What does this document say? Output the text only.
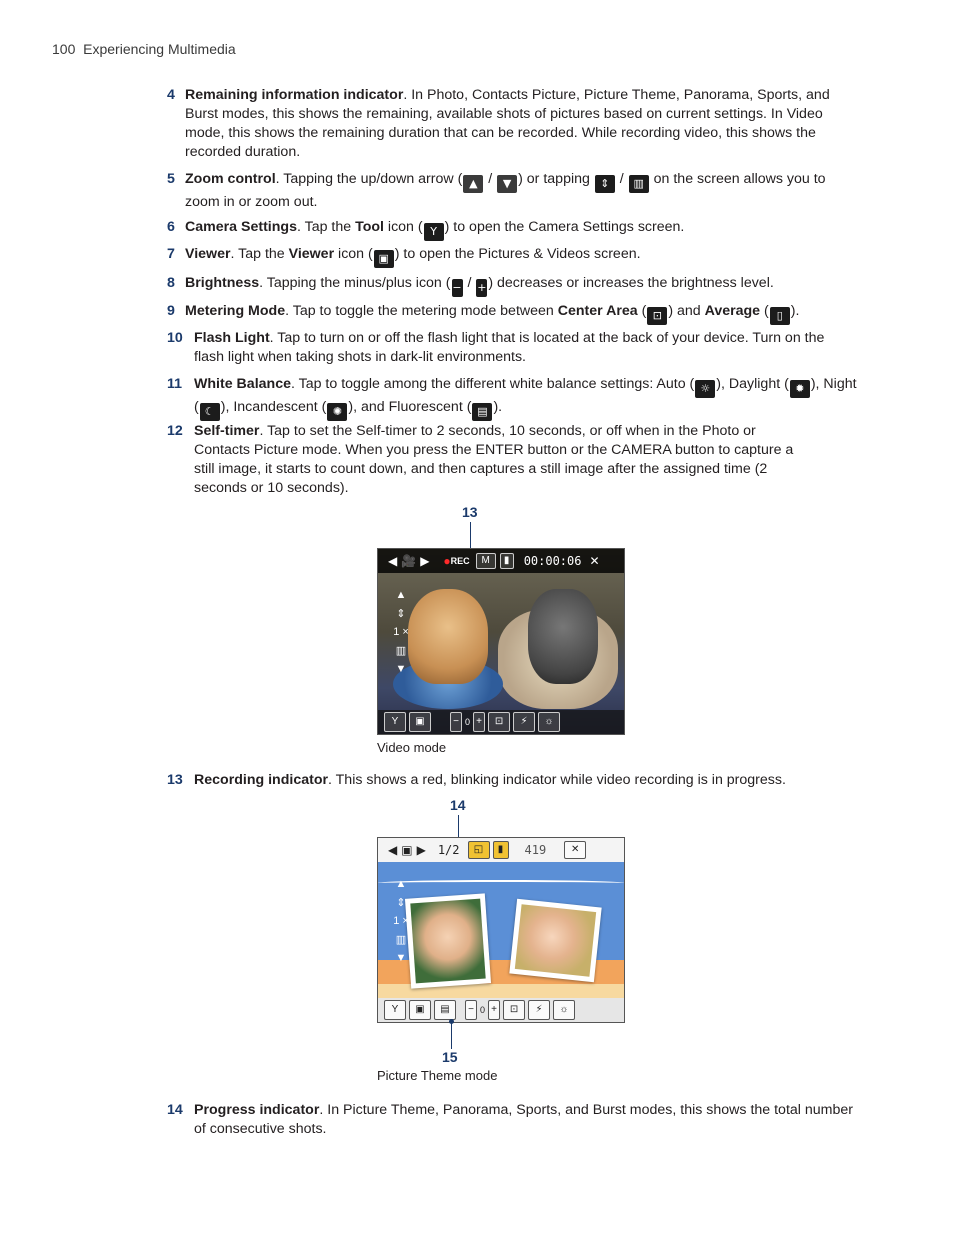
100 Experiencing Multimedia
4 Remaining information indicator. In Photo, Contacts Picture, Picture Theme, Panorama, Sports, and Burst modes, this shows the remaining, available shots of pictures based on current settings. In Video mode, this shows the remaining duration that can be recorded. While recording video, this shows the recorded duration.
5 Zoom control. Tapping the up/down arrow ( ▲ / ▼ ) or tapping ⇕ / ▥ on the screen allows you to zoom in or zoom out.
6 Camera Settings. Tap the Tool icon ( Y ) to open the Camera Settings screen.
7 Viewer. Tap the Viewer icon ( ▣ ) to open the Pictures & Videos screen.
8 Brightness. Tapping the minus/plus icon ( − / + ) decreases or increases the brightness level.
9 Metering Mode. Tap to toggle the metering mode between Center Area ( ⊡ ) and Average ( ▯ ).
10 Flash Light. Tap to turn on or off the flash light that is located at the back of your device. Turn on the flash light when taking shots in dark-lit environments.
11 White Balance. Tap to toggle among the different white balance settings: Auto ( ☼ ), Daylight ( ✹ ), Night ( ☾ ), Incandescent ( ✺ ), and Fluorescent ( ▤ ).
12 Self-timer. Tap to set the Self-timer to 2 seconds, 10 seconds, or off when in the Photo or Contacts Picture mode. When you press the ENTER button or the CAMERA button to capture a still image, it starts to count down, and then captures a still image after the assigned time (2 seconds or 10 seconds).
13
◀ 🎥 ▶ ● REC	M	▮	00:00:06 ✕
▲
⇕
1 ×
▥
▼
Y	▣	− 0 +	⊡	⚡	☼
Video mode
13 Recording indicator. This shows a red, blinking indicator while video recording is in progress.
14
◀ ▣ ▶ 1/2	◱	▮	419	✕
▲
⇕
1 ×
▥
▼
Y	▣	▤	− 0 +	⊡	⚡	☼
15
Picture Theme mode
14 Progress indicator. In Picture Theme, Panorama, Sports, and Burst modes, this shows the total number of consecutive shots.
